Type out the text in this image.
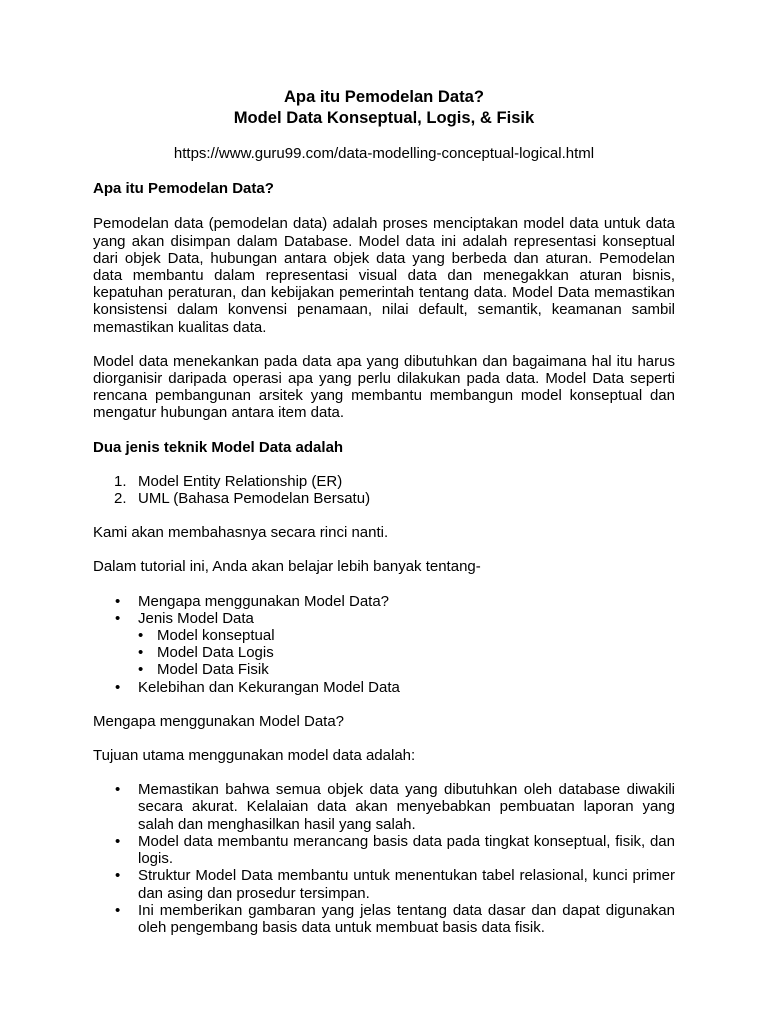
Apa itu Pemodelan Data?
Model Data Konseptual, Logis, & Fisik
https://www.guru99.com/data-modelling-conceptual-logical.html
Apa itu Pemodelan Data?

Pemodelan data (pemodelan data) adalah proses menciptakan model data untuk data yang akan disimpan dalam Database. Model data ini adalah representasi konseptual dari objek Data, hubungan antara objek data yang berbeda dan aturan. Pemodelan data membantu dalam representasi visual data dan menegakkan aturan bisnis, kepatuhan peraturan, dan kebijakan pemerintah tentang data. Model Data memastikan konsistensi dalam konvensi penamaan, nilai default, semantik, keamanan sambil memastikan kualitas data.

Model data menekankan pada data apa yang dibutuhkan dan bagaimana hal itu harus diorganisir daripada operasi apa yang perlu dilakukan pada data. Model Data seperti rencana pembangunan arsitek yang membantu membangun model konseptual dan mengatur hubungan antara item data.

Dua jenis teknik Model Data adalah
1. Model Entity Relationship (ER)
2. UML (Bahasa Pemodelan Bersatu)

Kami akan membahasnya secara rinci nanti.

Dalam tutorial ini, Anda akan belajar lebih banyak tentang-

•	Mengapa menggunakan Model Data?
•	Jenis Model Data
• Model konseptual
• Model Data Logis
• Model Data Fisik
•	Kelebihan dan Kekurangan Model Data

Mengapa menggunakan Model Data?

Tujuan utama menggunakan model data adalah:

•	Memastikan bahwa semua objek data yang dibutuhkan oleh database diwakili secara akurat. Kelalaian data akan menyebabkan pembuatan laporan yang salah dan menghasilkan hasil yang salah.
•	Model data membantu merancang basis data pada tingkat konseptual, fisik, dan logis.
•	Struktur Model Data membantu untuk menentukan tabel relasional, kunci primer dan asing dan prosedur tersimpan.
•	Ini memberikan gambaran yang jelas tentang data dasar dan dapat digunakan oleh pengembang basis data untuk membuat basis data fisik.
